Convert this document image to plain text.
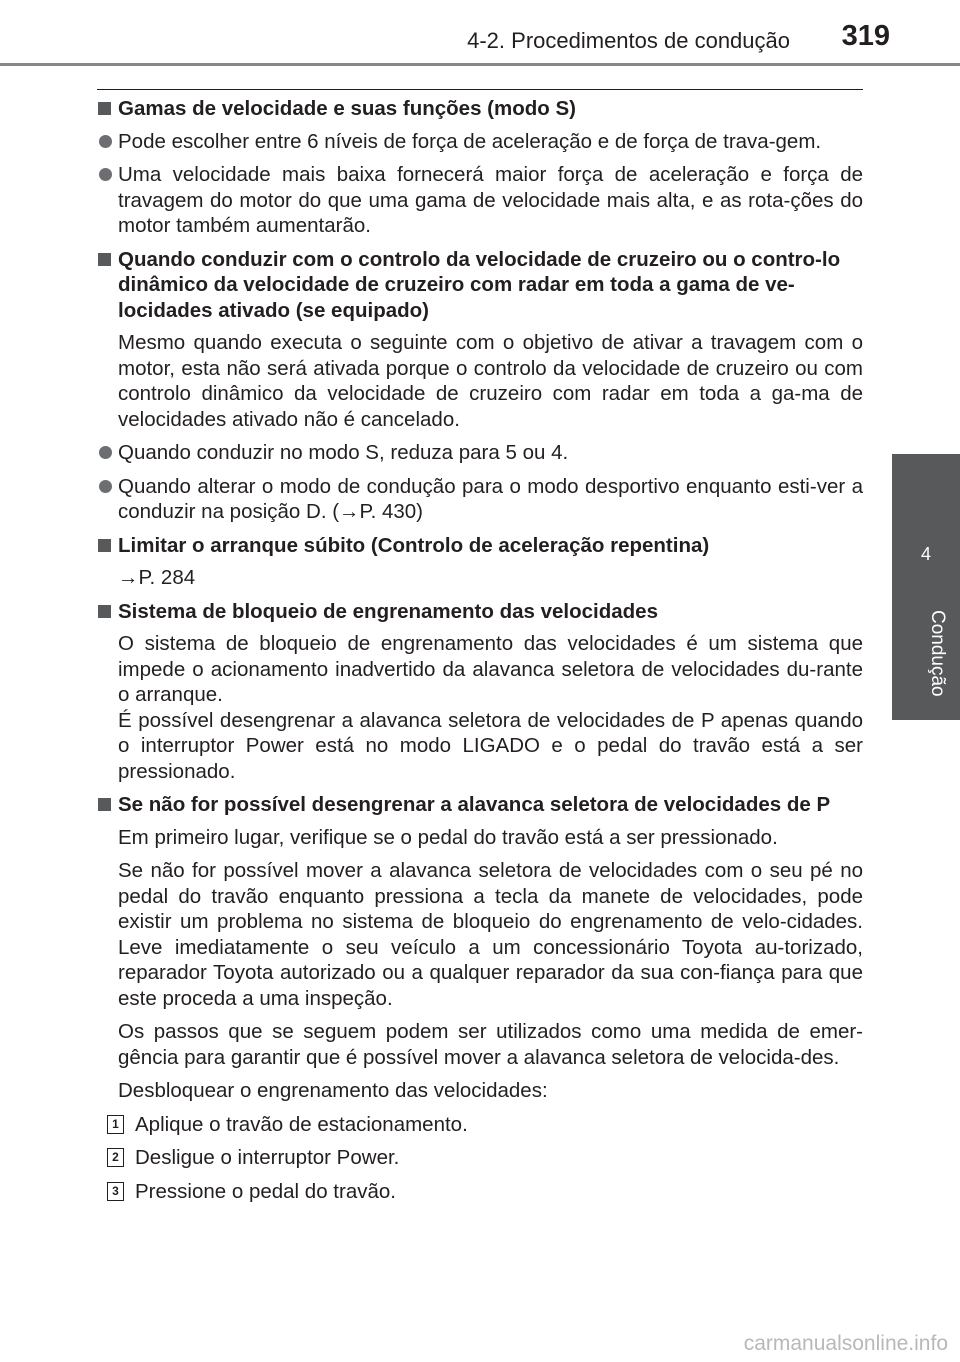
4-2. Procedimentos de condução 319
4
Condução
Gamas de velocidade e suas funções (modo S)
Pode escolher entre 6 níveis de força de aceleração e de força de trava-gem.
Uma velocidade mais baixa fornecerá maior força de aceleração e força de travagem do motor do que uma gama de velocidade mais alta, e as rota-ções do motor também aumentarão.
Quando conduzir com o controlo da velocidade de cruzeiro ou o contro-lo dinâmico da velocidade de cruzeiro com radar em toda a gama de ve-locidades ativado (se equipado)
Mesmo quando executa o seguinte com o objetivo de ativar a travagem com o motor, esta não será ativada porque o controlo da velocidade de cruzeiro ou com controlo dinâmico da velocidade de cruzeiro com radar em toda a ga-ma de velocidades ativado não é cancelado.
Quando conduzir no modo S, reduza para 5 ou 4.
Quando alterar o modo de condução para o modo desportivo enquanto esti-ver a conduzir na posição D. (→P. 430)
Limitar o arranque súbito (Controlo de aceleração repentina)
→P. 284
Sistema de bloqueio de engrenamento das velocidades
O sistema de bloqueio de engrenamento das velocidades é um sistema que impede o acionamento inadvertido da alavanca seletora de velocidades du-rante o arranque.
É possível desengrenar a alavanca seletora de velocidades de P apenas quando o interruptor Power está no modo LIGADO e o pedal do travão está a ser pressionado.
Se não for possível desengrenar a alavanca seletora de velocidades de P
Em primeiro lugar, verifique se o pedal do travão está a ser pressionado.
Se não for possível mover a alavanca seletora de velocidades com o seu pé no pedal do travão enquanto pressiona a tecla da manete de velocidades, pode existir um problema no sistema de bloqueio do engrenamento de velo-cidades. Leve imediatamente o seu veículo a um concessionário Toyota au-torizado, reparador Toyota autorizado ou a qualquer reparador da sua con-fiança para que este proceda a uma inspeção.
Os passos que se seguem podem ser utilizados como uma medida de emer-gência para garantir que é possível mover a alavanca seletora de velocida-des.
Desbloquear o engrenamento das velocidades:
1 Aplique o travão de estacionamento.
2 Desligue o interruptor Power.
3 Pressione o pedal do travão.
carmanualsonline.info
